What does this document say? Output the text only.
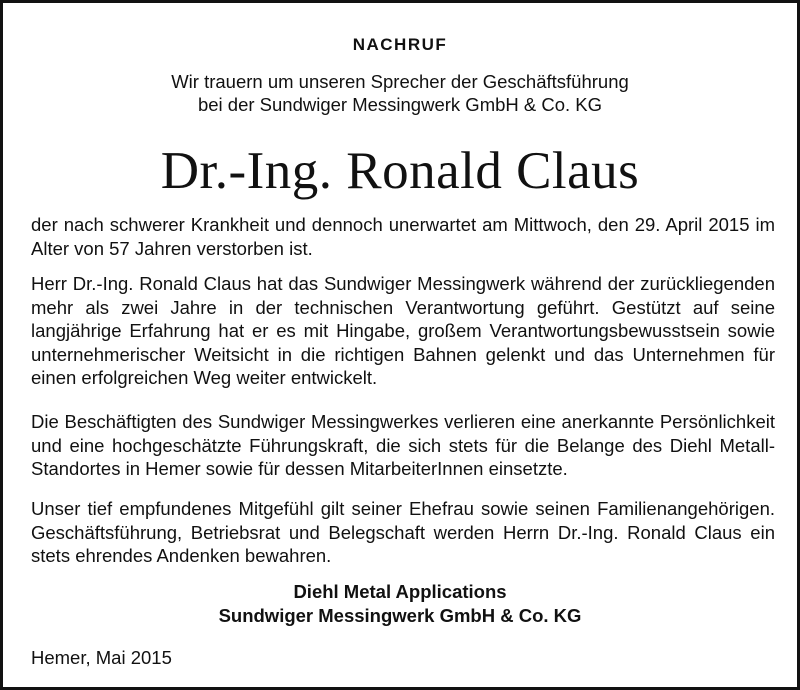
NACHRUF
Wir trauern um unseren Sprecher der Geschäftsführung
bei der Sundwiger Messingwerk GmbH & Co. KG
Dr.-Ing. Ronald Claus
der nach schwerer Krankheit und dennoch unerwartet am Mittwoch, den 29. April 2015 im Alter von 57 Jahren verstorben ist.
Herr Dr.-Ing. Ronald Claus hat das Sundwiger Messingwerk während der zurückliegenden mehr als zwei Jahre in der technischen Verantwortung geführt. Gestützt auf seine langjährige Erfahrung hat er es mit Hingabe, großem Verantwortungsbewusstsein sowie unternehmerischer Weitsicht in die richtigen Bahnen gelenkt und das Unternehmen für einen erfolgreichen Weg weiter entwickelt.
Die Beschäftigten des Sundwiger Messingwerkes verlieren eine anerkannte Persönlichkeit und eine hochgeschätzte Führungskraft, die sich stets für die Belange des Diehl Metall-Standortes in Hemer sowie für dessen MitarbeiterInnen einsetzte.
Unser tief empfundenes Mitgefühl gilt seiner Ehefrau sowie seinen Familienangehörigen. Geschäftsführung, Betriebsrat und Belegschaft werden Herrn Dr.-Ing. Ronald Claus ein stets ehrendes Andenken bewahren.
Diehl Metal Applications
Sundwiger Messingwerk GmbH & Co. KG
Hemer, Mai 2015
